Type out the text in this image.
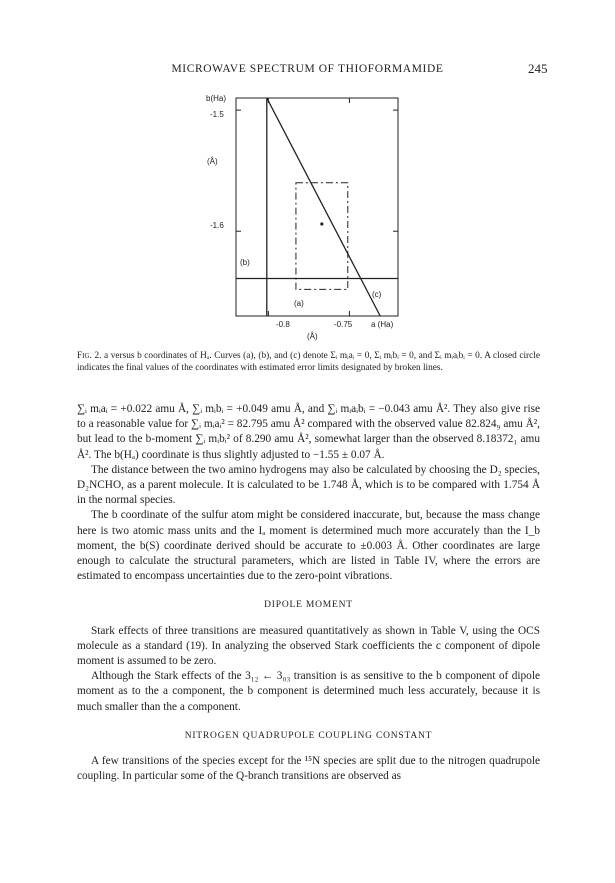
MICROWAVE SPECTRUM OF THIOFORMAMIDE	245
b(Ha)
-1.5
(Å)
-1.6
(b)
(c)
(a)
-0.8	-0.75 a (Ha)
(Å)
Fig. 2. a versus b coordinates of Hₐ. Curves (a), (b), and (c) denote Σᵢ mᵢaᵢ = 0, Σᵢ mᵢbᵢ = 0, and Σᵢ mᵢaᵢbᵢ = 0. A closed circle indicates the final values of the coordinates with estimated error limits designated by broken lines.

∑ᵢ mᵢaᵢ = +0.022 amu Å, ∑ᵢ mᵢbᵢ = +0.049 amu Å, and ∑ᵢ mᵢaᵢbᵢ = −0.043 amu Å². They also give rise to a reasonable value for ∑ᵢ mᵢaᵢ² = 82.795 amu Å² compared with the observed value 82.824₉ amu Å², but lead to the b-moment ∑ᵢ mᵢbᵢ² of 8.290 amu Å², somewhat larger than the observed 8.18372₁ amu Å². The b(Hₐ) coordinate is thus slightly adjusted to −1.55 ± 0.07 Å.

The distance between the two amino hydrogens may also be calculated by choosing the D₂ species, D₂NCHO, as a parent molecule. It is calculated to be 1.748 Å, which is to be compared with 1.754 Å in the normal species.

The b coordinate of the sulfur atom might be considered inaccurate, but, because the mass change here is two atomic mass units and the Iₐ moment is determined much more accurately than the I_b moment, the b(S) coordinate derived should be accurate to ±0.003 Å. Other coordinates are large enough to calculate the structural parameters, which are listed in Table IV, where the errors are estimated to encompass uncertainties due to the zero-point vibrations.

DIPOLE MOMENT

Stark effects of three transitions are measured quantitatively as shown in Table V, using the OCS molecule as a standard (19). In analyzing the observed Stark coefficients the c component of dipole moment is assumed to be zero.

Although the Stark effects of the 3₁₂ ← 3₀₃ transition is as sensitive to the b component of dipole moment as to the a component, the b component is determined much less accurately, because it is much smaller than the a component.

NITROGEN QUADRUPOLE COUPLING CONSTANT

A few transitions of the species except for the ¹⁵N species are split due to the nitrogen quadrupole coupling. In particular some of the Q-branch transitions are observed as
